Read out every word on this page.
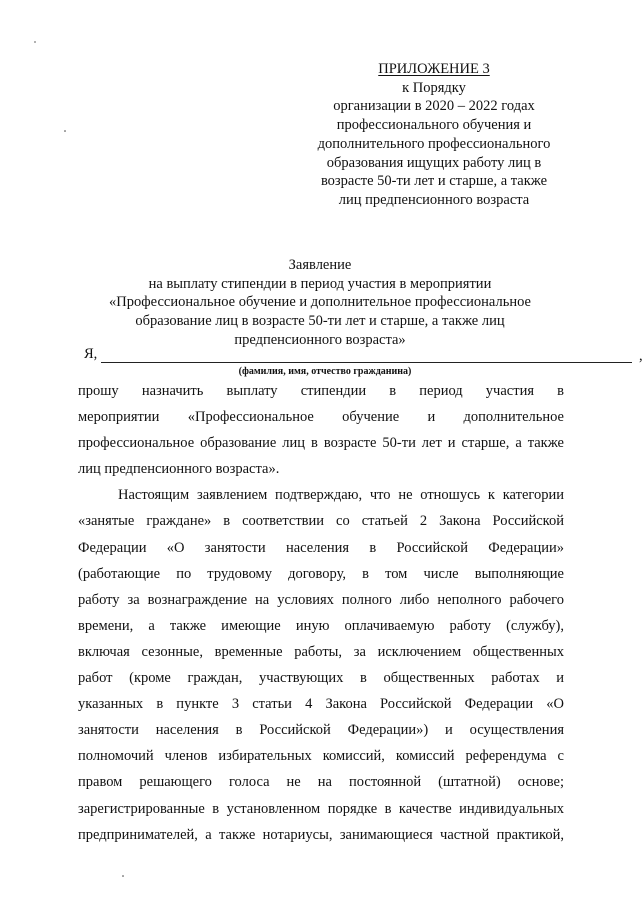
ПРИЛОЖЕНИЕ 3
к Порядку
организации в 2020 – 2022 годах
профессионального обучения и
дополнительного профессионального
образования ищущих работу лиц в
возрасте 50-ти лет и старше, а также
лиц предпенсионного возраста
Заявление
на выплату стипендии в период участия в мероприятии
«Профессиональное обучение и дополнительное профессиональное
образование лиц в возрасте 50-ти лет и старше, а также лиц
предпенсионного возраста»
Я,	,
(фамилия, имя, отчество гражданина)
прошу назначить выплату стипендии в период участия в
мероприятии «Профессиональное обучение и дополнительное
профессиональное образование лиц в возрасте 50-ти лет и старше, а также
лиц предпенсионного возраста».
Настоящим заявлением подтверждаю, что не отношусь к категории
«занятые граждане» в соответствии со статьей 2 Закона Российской
Федерации «О занятости населения в Российской Федерации»
(работающие по трудовому договору, в том числе выполняющие
работу за вознаграждение на условиях полного либо неполного рабочего
времени, а также имеющие иную оплачиваемую работу (службу),
включая сезонные, временные работы, за исключением общественных
работ (кроме граждан, участвующих в общественных работах и
указанных в пункте 3 статьи 4 Закона Российской Федерации «О
занятости населения в Российской Федерации») и осуществления
полномочий членов избирательных комиссий, комиссий референдума с
правом решающего голоса не на постоянной (штатной) основе;
зарегистрированные в установленном порядке в качестве индивидуальных
предпринимателей, а также нотариусы, занимающиеся частной практикой,
